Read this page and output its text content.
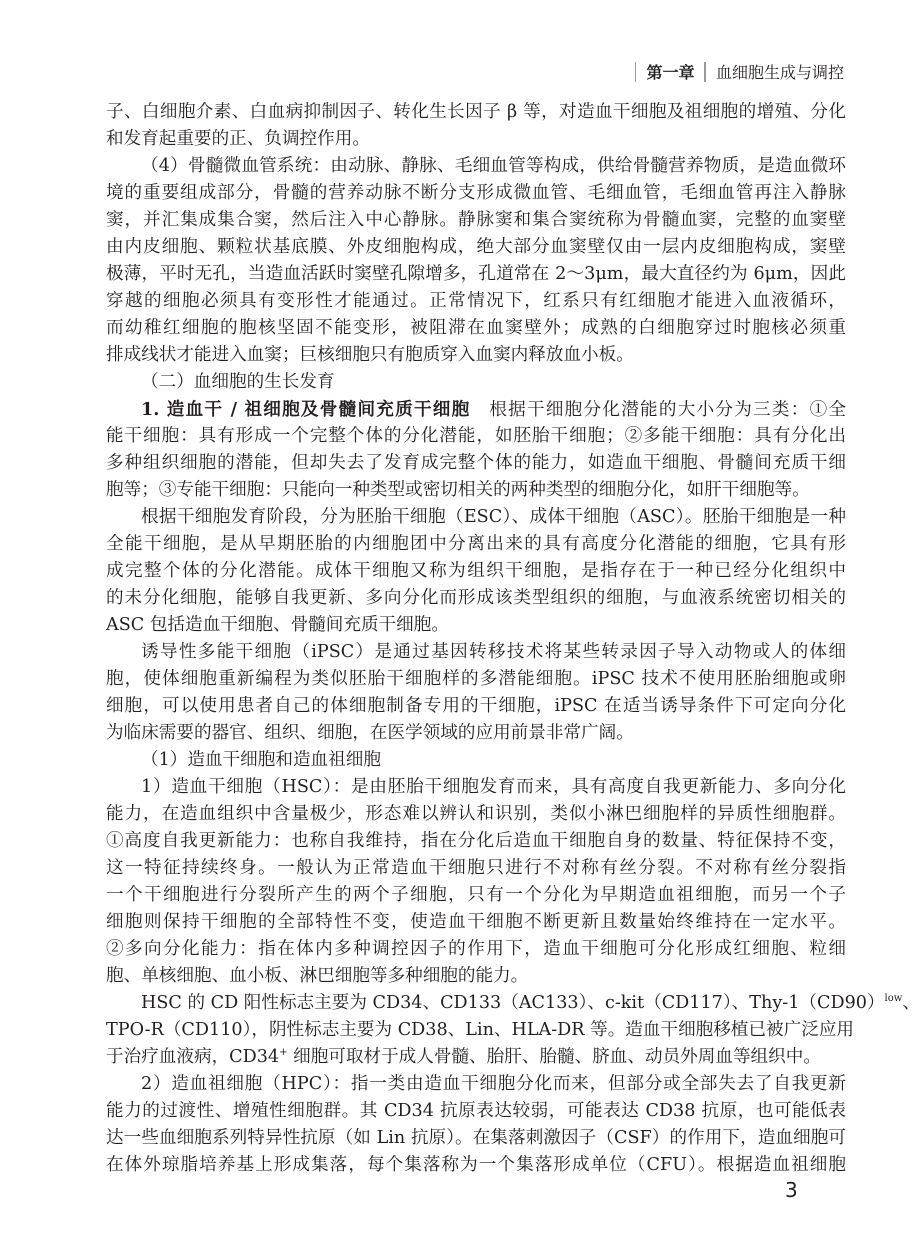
第一章 血细胞生成与调控
子、白细胞介素、白血病抑制因子、转化生长因子 β 等，对造血干细胞及祖细胞的增殖、分化
和发育起重要的正、负调控作用。
（4）骨髓微血管系统：由动脉、静脉、毛细血管等构成，供给骨髓营养物质，是造血微环
境的重要组成部分，骨髓的营养动脉不断分支形成微血管、毛细血管，毛细血管再注入静脉
窦，并汇集成集合窦，然后注入中心静脉。静脉窦和集合窦统称为骨髓血窦，完整的血窦壁
由内皮细胞、颗粒状基底膜、外皮细胞构成，绝大部分血窦壁仅由一层内皮细胞构成，窦壁
极薄，平时无孔，当造血活跃时窦壁孔隙增多，孔道常在 2～3μm，最大直径约为 6μm，因此
穿越的细胞必须具有变形性才能通过。正常情况下，红系只有红细胞才能进入血液循环，
而幼稚红细胞的胞核坚固不能变形，被阻滞在血窦壁外；成熟的白细胞穿过时胞核必须重
排成线状才能进入血窦；巨核细胞只有胞质穿入血窦内释放血小板。
（二）血细胞的生长发育
1. 造血干 / 祖细胞及骨髓间充质干细胞　根据干细胞分化潜能的大小分为三类：①全
能干细胞：具有形成一个完整个体的分化潜能，如胚胎干细胞；②多能干细胞：具有分化出
多种组织细胞的潜能，但却失去了发育成完整个体的能力，如造血干细胞、骨髓间充质干细
胞等；③专能干细胞：只能向一种类型或密切相关的两种类型的细胞分化，如肝干细胞等。
根据干细胞发育阶段，分为胚胎干细胞（ESC）、成体干细胞（ASC）。胚胎干细胞是一种
全能干细胞，是从早期胚胎的内细胞团中分离出来的具有高度分化潜能的细胞，它具有形
成完整个体的分化潜能。成体干细胞又称为组织干细胞，是指存在于一种已经分化组织中
的未分化细胞，能够自我更新、多向分化而形成该类型组织的细胞，与血液系统密切相关的
ASC 包括造血干细胞、骨髓间充质干细胞。
诱导性多能干细胞（iPSC）是通过基因转移技术将某些转录因子导入动物或人的体细
胞，使体细胞重新编程为类似胚胎干细胞样的多潜能细胞。iPSC 技术不使用胚胎细胞或卵
细胞，可以使用患者自己的体细胞制备专用的干细胞，iPSC 在适当诱导条件下可定向分化
为临床需要的器官、组织、细胞，在医学领域的应用前景非常广阔。
（1）造血干细胞和造血祖细胞
1）造血干细胞（HSC）：是由胚胎干细胞发育而来，具有高度自我更新能力、多向分化
能力，在造血组织中含量极少，形态难以辨认和识别，类似小淋巴细胞样的异质性细胞群。
①高度自我更新能力：也称自我维持，指在分化后造血干细胞自身的数量、特征保持不变，
这一特征持续终身。一般认为正常造血干细胞只进行不对称有丝分裂。不对称有丝分裂指
一个干细胞进行分裂所产生的两个子细胞，只有一个分化为早期造血祖细胞，而另一个子
细胞则保持干细胞的全部特性不变，使造血干细胞不断更新且数量始终维持在一定水平。
②多向分化能力：指在体内多种调控因子的作用下，造血干细胞可分化形成红细胞、粒细
胞、单核细胞、血小板、淋巴细胞等多种细胞的能力。
HSC 的 CD 阳性标志主要为 CD34、CD133（AC133）、c-kit（CD117）、Thy-$1(CD90)^{low}$、
TPO-R（CD110），阴性标志主要为 CD38、Lin、HLA-DR 等。造血干细胞移植已被广泛应用
于治疗血液病，CD34+ 细胞可取材于成人骨髓、胎肝、胎髓、脐血、动员外周血等组织中。
2）造血祖细胞（HPC）：指一类由造血干细胞分化而来，但部分或全部失去了自我更新
能力的过渡性、增殖性细胞群。其 CD34 抗原表达较弱，可能表达 CD38 抗原，也可能低表
达一些血细胞系列特异性抗原（如 Lin 抗原）。在集落刺激因子（CSF）的作用下，造血细胞可
在体外琼脂培养基上形成集落，每个集落称为一个集落形成单位（CFU）。根据造血祖细胞
3
